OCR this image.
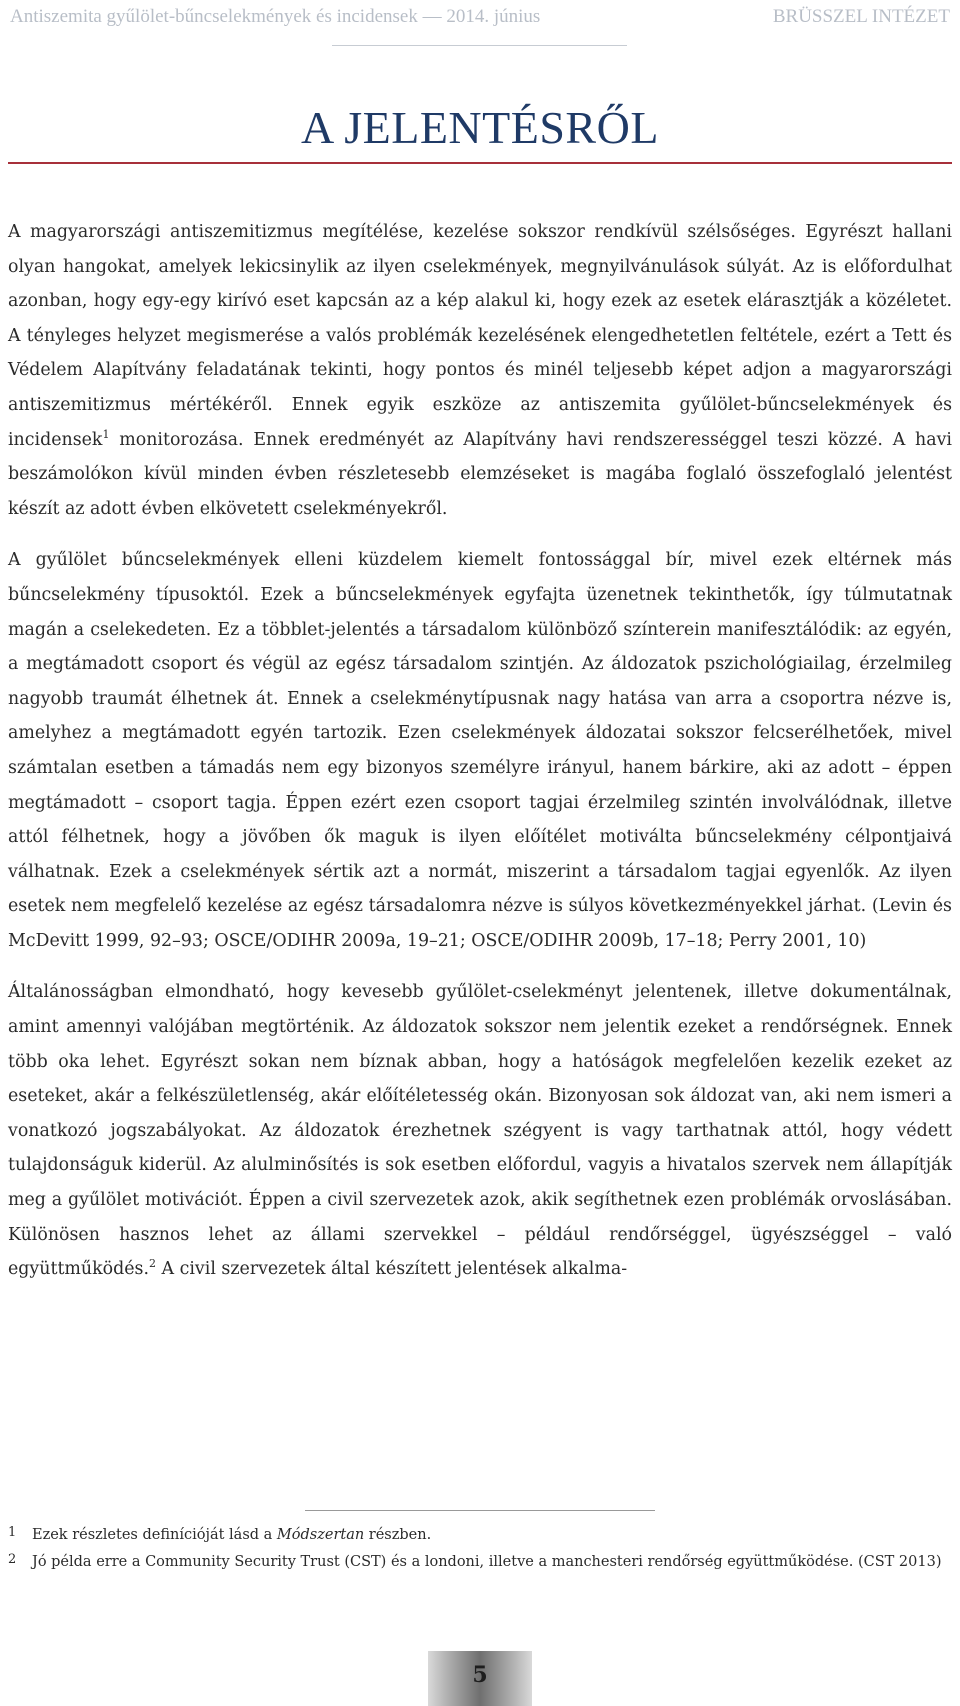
Antiszemita gyűlölet-bűncselekmények és incidensek — 2014. június	BRÜSSZEL INTÉZET
A JELENTÉSRŐL

A magyarországi antiszemitizmus megítélése, kezelése sokszor rendkívül szélsőséges. Egyrészt hallani olyan hangokat, amelyek lekicsinylik az ilyen cselekmények, megnyilvánulások súlyát. Az is előfordulhat azonban, hogy egy-egy kirívó eset kapcsán az a kép alakul ki, hogy ezek az esetek elárasztják a közéletet. A tényleges helyzet megismerése a valós problémák kezelésének elengedhetetlen feltétele, ezért a Tett és Védelem Alapítvány feladatának tekinti, hogy pontos és minél teljesebb képet adjon a magyarországi antiszemitizmus mértékéről. Ennek egyik eszköze az antiszemita gyűlölet-bűncselekmények és incidensek$^1$ monitorozása. Ennek eredményét az Alapítvány havi rendszerességgel teszi közzé. A havi beszámolókon kívül minden évben részletesebb elemzéseket is magába foglaló összefoglaló jelentést készít az adott évben elkövetett cselekményekről.

A gyűlölet bűncselekmények elleni küzdelem kiemelt fontossággal bír, mivel ezek eltérnek más bűncselekmény típusoktól. Ezek a bűncselekmények egyfajta üzenetnek tekinthetők, így túlmutatnak magán a cselekedeten. Ez a többlet-jelentés a társadalom különböző színterein manifesztálódik: az egyén, a megtámadott csoport és végül az egész társadalom szintjén. Az áldozatok pszichológiailag, érzelmileg nagyobb traumát élhetnek át. Ennek a cselekménytípusnak nagy hatása van arra a csoportra nézve is, amelyhez a megtámadott egyén tartozik. Ezen cselekmények áldozatai sokszor felcserélhetőek, mivel számtalan esetben a támadás nem egy bizonyos személyre irányul, hanem bárkire, aki az adott – éppen megtámadott – csoport tagja. Éppen ezért ezen csoport tagjai érzelmileg szintén involválódnak, illetve attól félhetnek, hogy a jövőben ők maguk is ilyen előítélet motiválta bűncselekmény célpontjaivá válhatnak. Ezek a cselekmények sértik azt a normát, miszerint a társadalom tagjai egyenlők. Az ilyen esetek nem megfelelő kezelése az egész társadalomra nézve is súlyos következményekkel járhat. (Levin és McDevitt 1999, 92–93; OSCE/ODIHR 2009a, 19–21; OSCE/ODIHR 2009b, 17–18; Perry 2001, 10)

Általánosságban elmondható, hogy kevesebb gyűlölet-cselekményt jelentenek, illetve dokumentálnak, amint amennyi valójában megtörténik. Az áldozatok sokszor nem jelentik ezeket a rendőrségnek. Ennek több oka lehet. Egyrészt sokan nem bíznak abban, hogy a hatóságok megfelelően kezelik ezeket az eseteket, akár a felkészületlenség, akár előítéletesség okán. Bizonyosan sok áldozat van, aki nem ismeri a vonatkozó jogszabályokat. Az áldozatok érezhetnek szégyent is vagy tarthatnak attól, hogy védett tulajdonságuk kiderül. Az alulminősítés is sok esetben előfordul, vagyis a hivatalos szervek nem állapítják meg a gyűlölet motivációt. Éppen a civil szervezetek azok, akik segíthetnek ezen problémák orvoslásában. Különösen hasznos lehet az állami szervekkel – például rendőrséggel, ügyészséggel – való együttműködés.$^2$ A civil szervezetek által készített jelentések alkalma-

1 Ezek részletes definícióját lásd a Módszertan részben.
2 Jó példa erre a Community Security Trust (CST) és a londoni, illetve a manchesteri rendőrség együttműködése. (CST 2013)
5
